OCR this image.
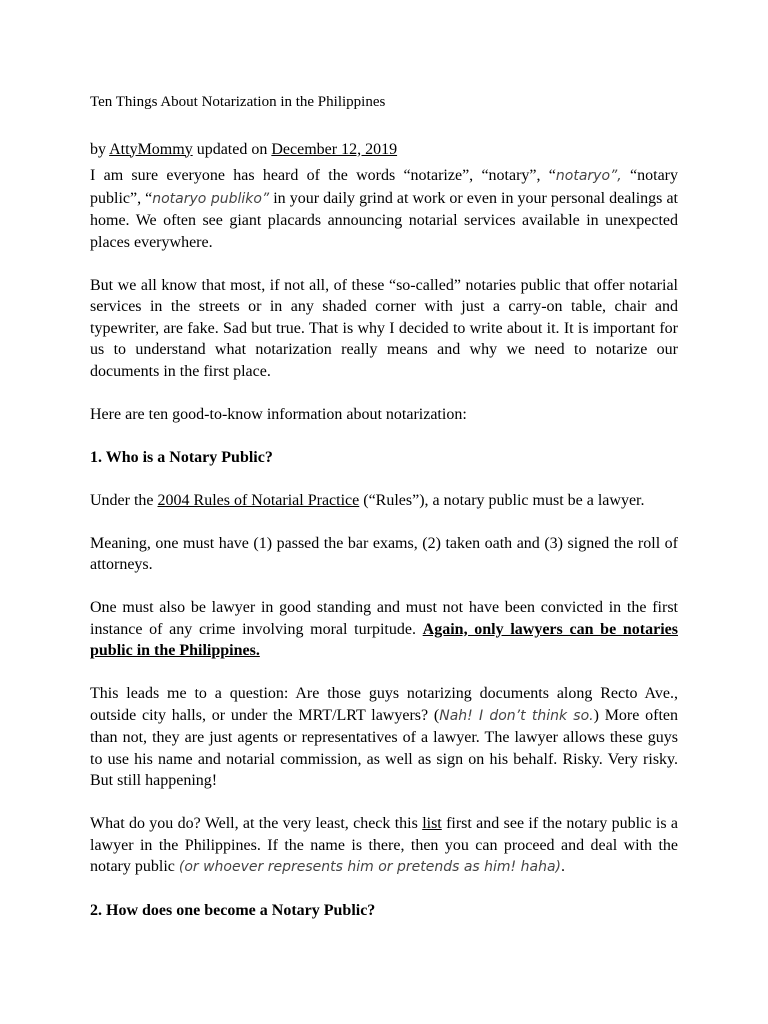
Ten Things About Notarization in the Philippines

by AttyMommy updated on December 12, 2019

I am sure everyone has heard of the words “notarize”, “notary”, “notaryo”, “notary public”, “notaryo publiko” in your daily grind at work or even in your personal dealings at home. We often see giant placards announcing notarial services available in unexpected places everywhere.

But we all know that most, if not all, of these “so-called” notaries public that offer notarial services in the streets or in any shaded corner with just a carry-on table, chair and typewriter, are fake. Sad but true. That is why I decided to write about it. It is important for us to understand what notarization really means and why we need to notarize our documents in the first place.

Here are ten good-to-know information about notarization:

1. Who is a Notary Public?

Under the 2004 Rules of Notarial Practice (“Rules”), a notary public must be a lawyer.

Meaning, one must have (1) passed the bar exams, (2) taken oath and (3) signed the roll of attorneys.

One must also be lawyer in good standing and must not have been convicted in the first instance of any crime involving moral turpitude. Again, only lawyers can be notaries public in the Philippines.

This leads me to a question: Are those guys notarizing documents along Recto Ave., outside city halls, or under the MRT/LRT lawyers? (Nah! I don’t think so.) More often than not, they are just agents or representatives of a lawyer. The lawyer allows these guys to use his name and notarial commission, as well as sign on his behalf. Risky. Very risky. But still happening!

What do you do? Well, at the very least, check this list first and see if the notary public is a lawyer in the Philippines. If the name is there, then you can proceed and deal with the notary public (or whoever represents him or pretends as him! haha).

2. How does one become a Notary Public?
